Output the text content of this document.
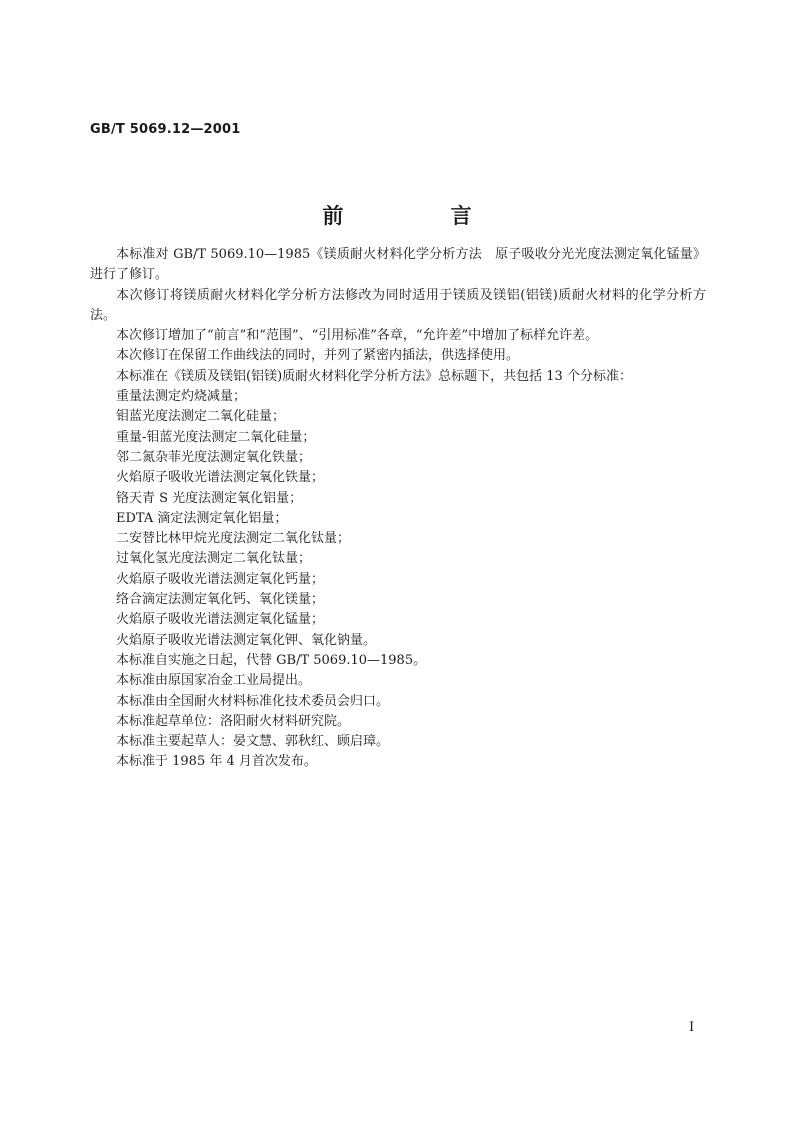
GB/T 5069.12—2001
前 言

本标准对 GB/T 5069.10—1985《镁质耐火材料化学分析方法　原子吸收分光光度法测定氧化锰量》进行了修订。

本次修订将镁质耐火材料化学分析方法修改为同时适用于镁质及镁铝(铝镁)质耐火材料的化学分析方法。

本次修订增加了“前言”和“范围”、“引用标准”各章，“允许差”中增加了标样允许差。

本次修订在保留工作曲线法的同时，并列了紧密内插法，供选择使用。

本标准在《镁质及镁铝(铝镁)质耐火材料化学分析方法》总标题下，共包括 13 个分标准：

重量法测定灼烧减量；
钼蓝光度法测定二氧化硅量；
重量-钼蓝光度法测定二氧化硅量；
邻二氮杂菲光度法测定氧化铁量；
火焰原子吸收光谱法测定氧化铁量；
铬天青 S 光度法测定氧化铝量；
EDTA 滴定法测定氧化铝量；
二安替比林甲烷光度法测定二氧化钛量；
过氧化氢光度法测定二氧化钛量；
火焰原子吸收光谱法测定氧化钙量；
络合滴定法测定氧化钙、氧化镁量；
火焰原子吸收光谱法测定氧化锰量；
火焰原子吸收光谱法测定氧化钾、氧化钠量。

本标准自实施之日起，代替 GB/T 5069.10—1985。

本标准由原国家冶金工业局提出。

本标准由全国耐火材料标准化技术委员会归口。

本标准起草单位：洛阳耐火材料研究院。

本标准主要起草人：晏文慧、郭秋红、顾启璋。

本标准于 1985 年 4 月首次发布。

I
